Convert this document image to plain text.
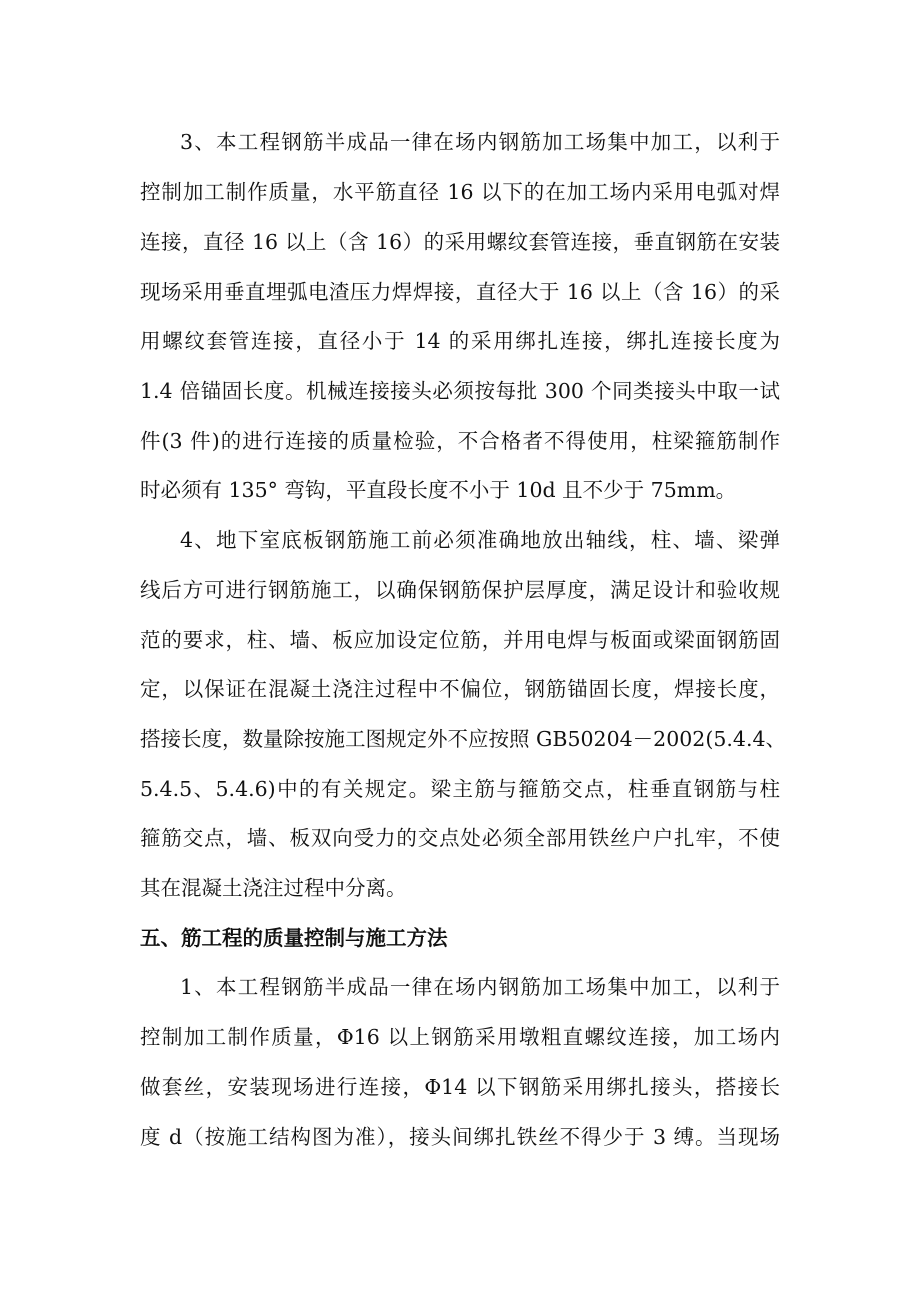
3、本工程钢筋半成品一律在场内钢筋加工场集中加工，以利于
控制加工制作质量，水平筋直径 16 以下的在加工场内采用电弧对焊
连接，直径 16 以上（含 16）的采用螺纹套管连接，垂直钢筋在安装
现场采用垂直埋弧电渣压力焊焊接，直径大于 16 以上（含 16）的采
用螺纹套管连接，直径小于 14 的采用绑扎连接，绑扎连接长度为
1.4 倍锚固长度。机械连接接头必须按每批 300 个同类接头中取一试
件(3 件)的进行连接的质量检验，不合格者不得使用，柱梁箍筋制作
时必须有 135° 弯钩，平直段长度不小于 10d 且不少于 75mm。
4、地下室底板钢筋施工前必须准确地放出轴线，柱、墙、梁弹
线后方可进行钢筋施工，以确保钢筋保护层厚度，满足设计和验收规
范的要求，柱、墙、板应加设定位筋，并用电焊与板面或梁面钢筋固
定，以保证在混凝土浇注过程中不偏位，钢筋锚固长度，焊接长度，
搭接长度，数量除按施工图规定外不应按照 GB50204－2002(5.4.4、
5.4.5、5.4.6)中的有关规定。梁主筋与箍筋交点，柱垂直钢筋与柱
箍筋交点，墙、板双向受力的交点处必须全部用铁丝户户扎牢，不使
其在混凝土浇注过程中分离。
五、筋工程的质量控制与施工方法
1、本工程钢筋半成品一律在场内钢筋加工场集中加工，以利于
控制加工制作质量，Φ16 以上钢筋采用墩粗直螺纹连接，加工场内
做套丝，安装现场进行连接，Φ14 以下钢筋采用绑扎接头，搭接长
度 d（按施工结构图为准），接头间绑扎铁丝不得少于 3 缚。当现场
